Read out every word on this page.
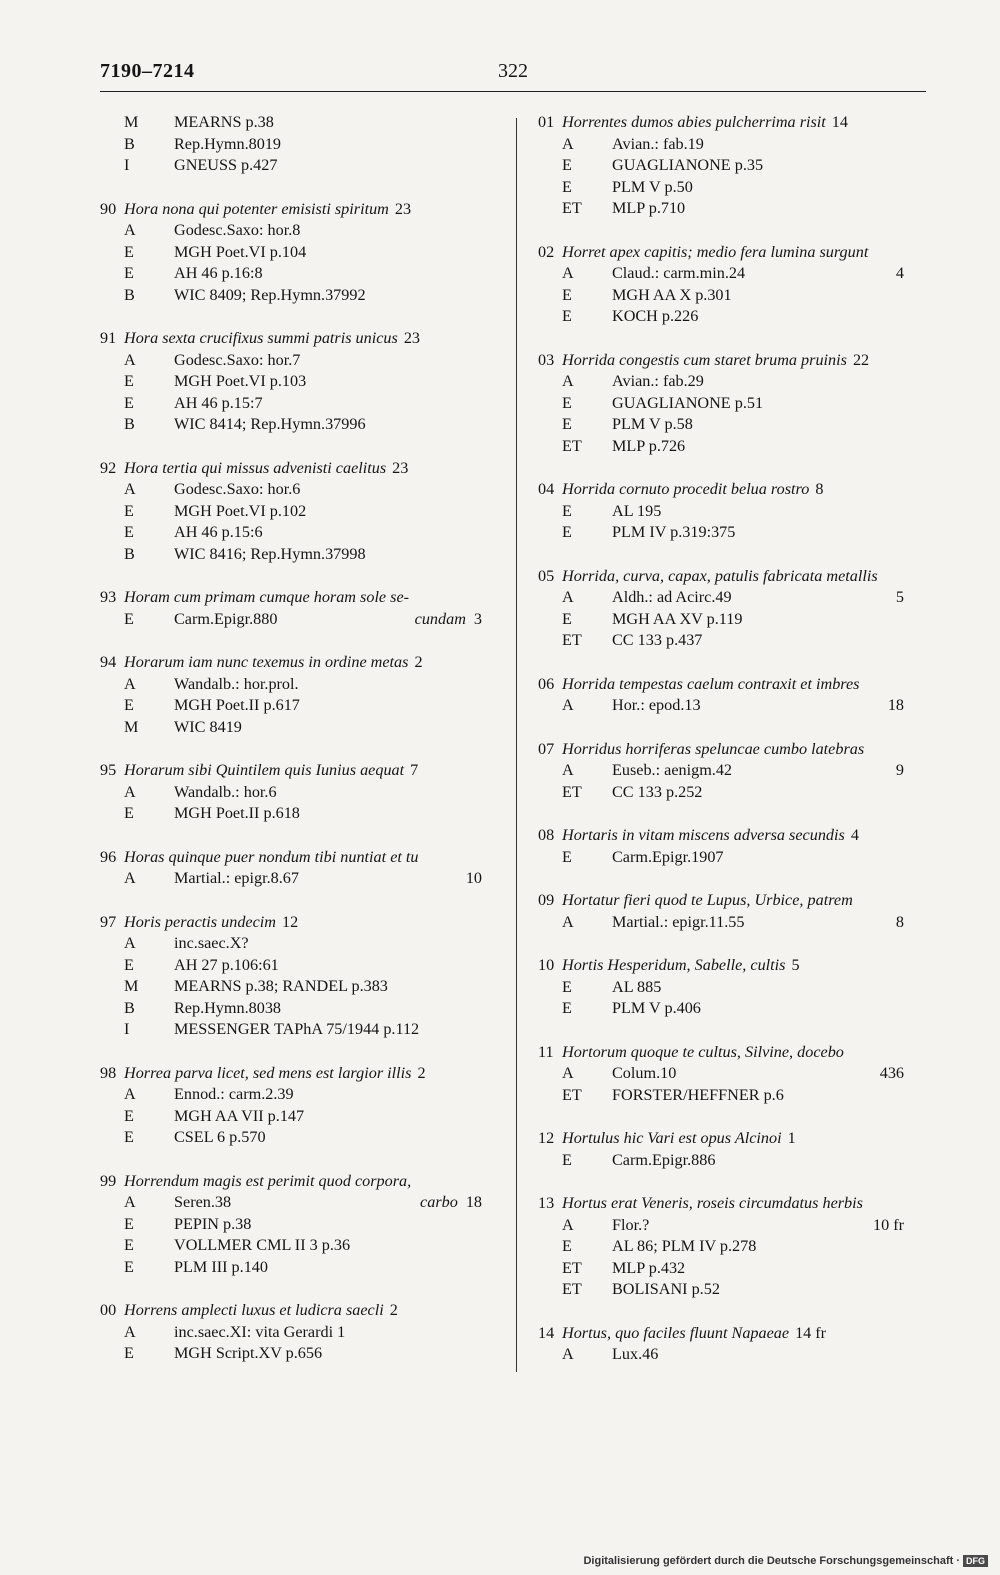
7190–7214	322
M MEARNS p.38
B Rep.Hymn.8019
I	GNEUSS p.427
90 Hora nona qui potenter emisisti spiritum 23
A Godesc.Saxo: hor.8
E MGH Poet.VI p.104
E AH 46 p.16:8
B WIC 8409; Rep.Hymn.37992
91 Hora sexta crucifixus summi patris unicus 23
A Godesc.Saxo: hor.7
E MGH Poet.VI p.103
E AH 46 p.15:7
B WIC 8414; Rep.Hymn.37996
92 Hora tertia qui missus advenisti caelitus 23
A Godesc.Saxo: hor.6
E MGH Poet.VI p.102
E AH 46 p.15:6
B WIC 8416; Rep.Hymn.37998
93 Horam cum primam cumque horam sole se-
E Carm.Epigr.880	cundam 3
94 Horarum iam nunc texemus in ordine metas 2
A Wandalb.: hor.prol.
E MGH Poet.II p.617
M WIC 8419
95 Horarum sibi Quintilem quis Iunius aequat 7
A Wandalb.: hor.6
E MGH Poet.II p.618
96 Horas quinque puer nondum tibi nuntiat et tu
A Martial.: epigr.8.67	10
97 Horis peractis undecim 12
A inc.saec.X?
E AH 27 p.106:61
M MEARNS p.38; RANDEL p.383
B Rep.Hymn.8038
I	MESSENGER TAPhA 75/1944 p.112
98 Horrea parva licet, sed mens est largior illis 2
A Ennod.: carm.2.39
E MGH AA VII p.147
E CSEL 6 p.570
99 Horrendum magis est perimit quod corpora,
A Seren.38	carbo 18
E PEPIN p.38
E VOLLMER CML II 3 p.36
E PLM III p.140
00 Horrens amplecti luxus et ludicra saecli 2
A inc.saec.XI: vita Gerardi 1
E MGH Script.XV p.656
01 Horrentes dumos abies pulcherrima risit 14
A Avian.: fab.19
E GUAGLIANONE p.35
E PLM V p.50
ET MLP p.710
02 Horret apex capitis; medio fera lumina surgunt
A Claud.: carm.min.24	4
E MGH AA X p.301
E KOCH p.226
03 Horrida congestis cum staret bruma pruinis 22
A Avian.: fab.29
E GUAGLIANONE p.51
E PLM V p.58
ET MLP p.726
04 Horrida cornuto procedit belua rostro 8
E AL 195
E PLM IV p.319:375
05 Horrida, curva, capax, patulis fabricata metallis
A Aldh.: ad Acirc.49	5
E MGH AA XV p.119
ET CC 133 p.437
06 Horrida tempestas caelum contraxit et imbres
A Hor.: epod.13	18
07 Horridus horriferas speluncae cumbo latebras
A Euseb.: aenigm.42	9
ET CC 133 p.252
08 Hortaris in vitam miscens adversa secundis 4
E Carm.Epigr.1907
09 Hortatur fieri quod te Lupus, Urbice, patrem
A Martial.: epigr.11.55	8
10 Hortis Hesperidum, Sabelle, cultis 5
E AL 885
E PLM V p.406
11 Hortorum quoque te cultus, Silvine, docebo
A Colum.10	436
ET FORSTER/HEFFNER p.6
12 Hortulus hic Vari est opus Alcinoi 1
E Carm.Epigr.886
13 Hortus erat Veneris, roseis circumdatus herbis
A Flor.?	10 fr
E AL 86; PLM IV p.278
ET MLP p.432
ET BOLISANI p.52
14 Hortus, quo faciles fluunt Napaeae 14 fr
A Lux.46
Digitalisierung gefördert durch die Deutsche Forschungsgemeinschaft · DFG
